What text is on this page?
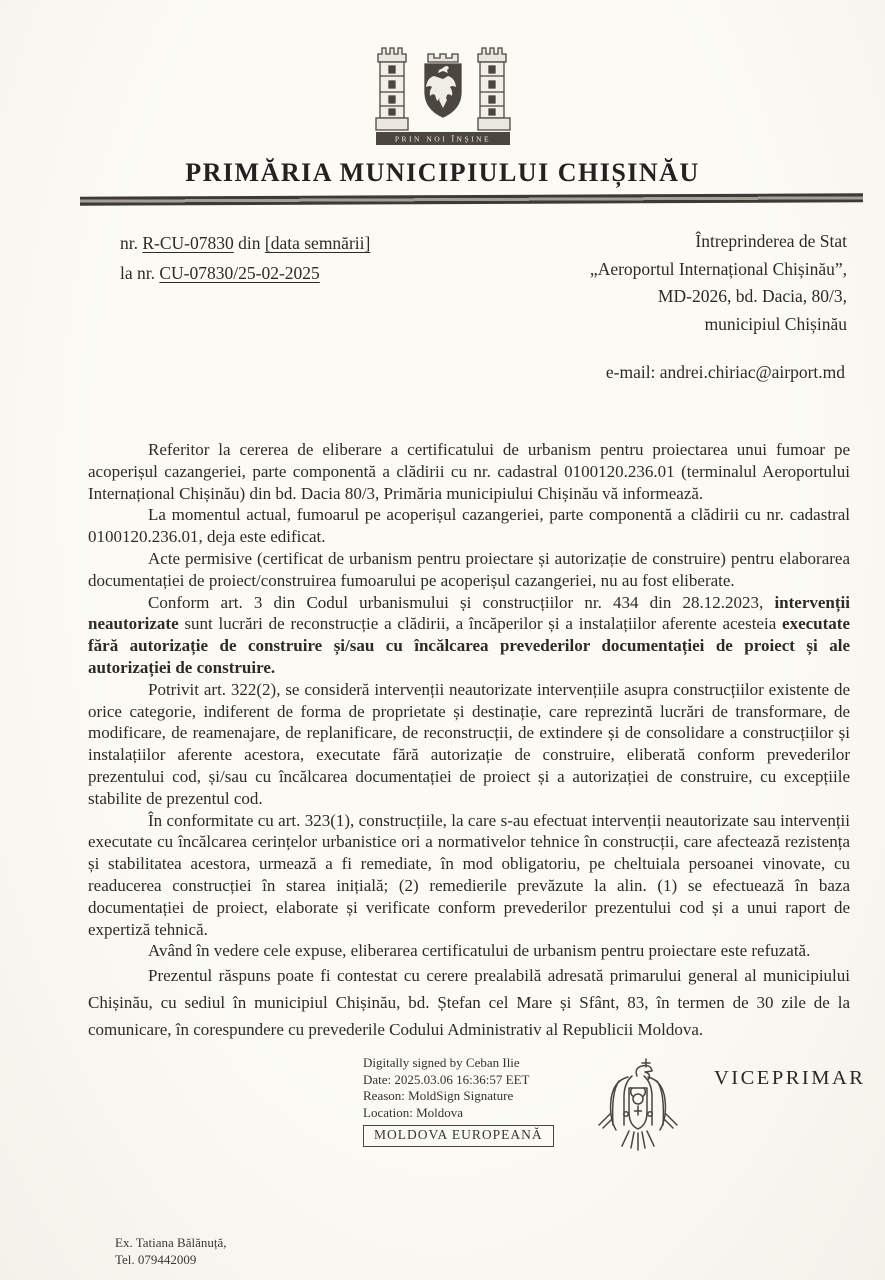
PRIN NOI ÎNȘINE
PRIMĂRIA MUNICIPIULUI CHIȘINĂU
nr. R-CU-07830 din [data semnării]
la nr. CU-07830/25-02-2025
Întreprinderea de Stat
„Aeroportul Internațional Chișinău”,
MD-2026, bd. Dacia, 80/3,
municipiul Chișinău
e-mail: andrei.chiriac@airport.md

Referitor la cererea de eliberare a certificatului de urbanism pentru proiectarea unui fumoar pe acoperișul cazangeriei, parte componentă a clădirii cu nr. cadastral 0100120.236.01 (terminalul Aeroportului Internațional Chișinău) din bd. Dacia 80/3, Primăria municipiului Chișinău vă informează.

La momentul actual, fumoarul pe acoperișul cazangeriei, parte componentă a clădirii cu nr. cadastral 0100120.236.01, deja este edificat.

Acte permisive (certificat de urbanism pentru proiectare și autorizație de construire) pentru elaborarea documentației de proiect/construirea fumoarului pe acoperișul cazangeriei, nu au fost eliberate.

Conform art. 3 din Codul urbanismului și construcțiilor nr. 434 din 28.12.2023, intervenții neautorizate sunt lucrări de reconstrucție a clădirii, a încăperilor și a instalațiilor aferente acesteia executate fără autorizație de construire și/sau cu încălcarea prevederilor documentației de proiect și ale autorizației de construire.

Potrivit art. 322(2), se consideră intervenții neautorizate intervențiile asupra construcțiilor existente de orice categorie, indiferent de forma de proprietate și destinație, care reprezintă lucrări de transformare, de modificare, de reamenajare, de replanificare, de reconstrucții, de extindere și de consolidare a construcțiilor și instalațiilor aferente acestora, executate fără autorizație de construire, eliberată conform prevederilor prezentului cod, și/sau cu încălcarea documentației de proiect și a autorizației de construire, cu excepțiile stabilite de prezentul cod.

În conformitate cu art. 323(1), construcțiile, la care s-au efectuat intervenții neautorizate sau intervenții executate cu încălcarea cerințelor urbanistice ori a normativelor tehnice în construcții, care afectează rezistența și stabilitatea acestora, urmează a fi remediate, în mod obligatoriu, pe cheltuiala persoanei vinovate, cu readucerea construcției în starea inițială; (2) remedierile prevăzute la alin. (1) se efectuează în baza documentației de proiect, elaborate și verificate conform prevederilor prezentului cod și a unui raport de expertiză tehnică.

Având în vedere cele expuse, eliberarea certificatului de urbanism pentru proiectare este refuzată.

Prezentul răspuns poate fi contestat cu cerere prealabilă adresată primarului general al municipiului Chișinău, cu sediul în municipiul Chișinău, bd. Ștefan cel Mare și Sfânt, 83, în termen de 30 zile de la comunicare, în corespundere cu prevederile Codului Administrativ al Republicii Moldova.

Digitally signed by Ceban Ilie
Date: 2025.03.06 16:36:57 EET
Reason: MoldSign Signature
Location: Moldova
MOLDOVA EUROPEANĂ
VICEPRIMAR
Ex. Tatiana Bălănuță,
Tel. 079442009
